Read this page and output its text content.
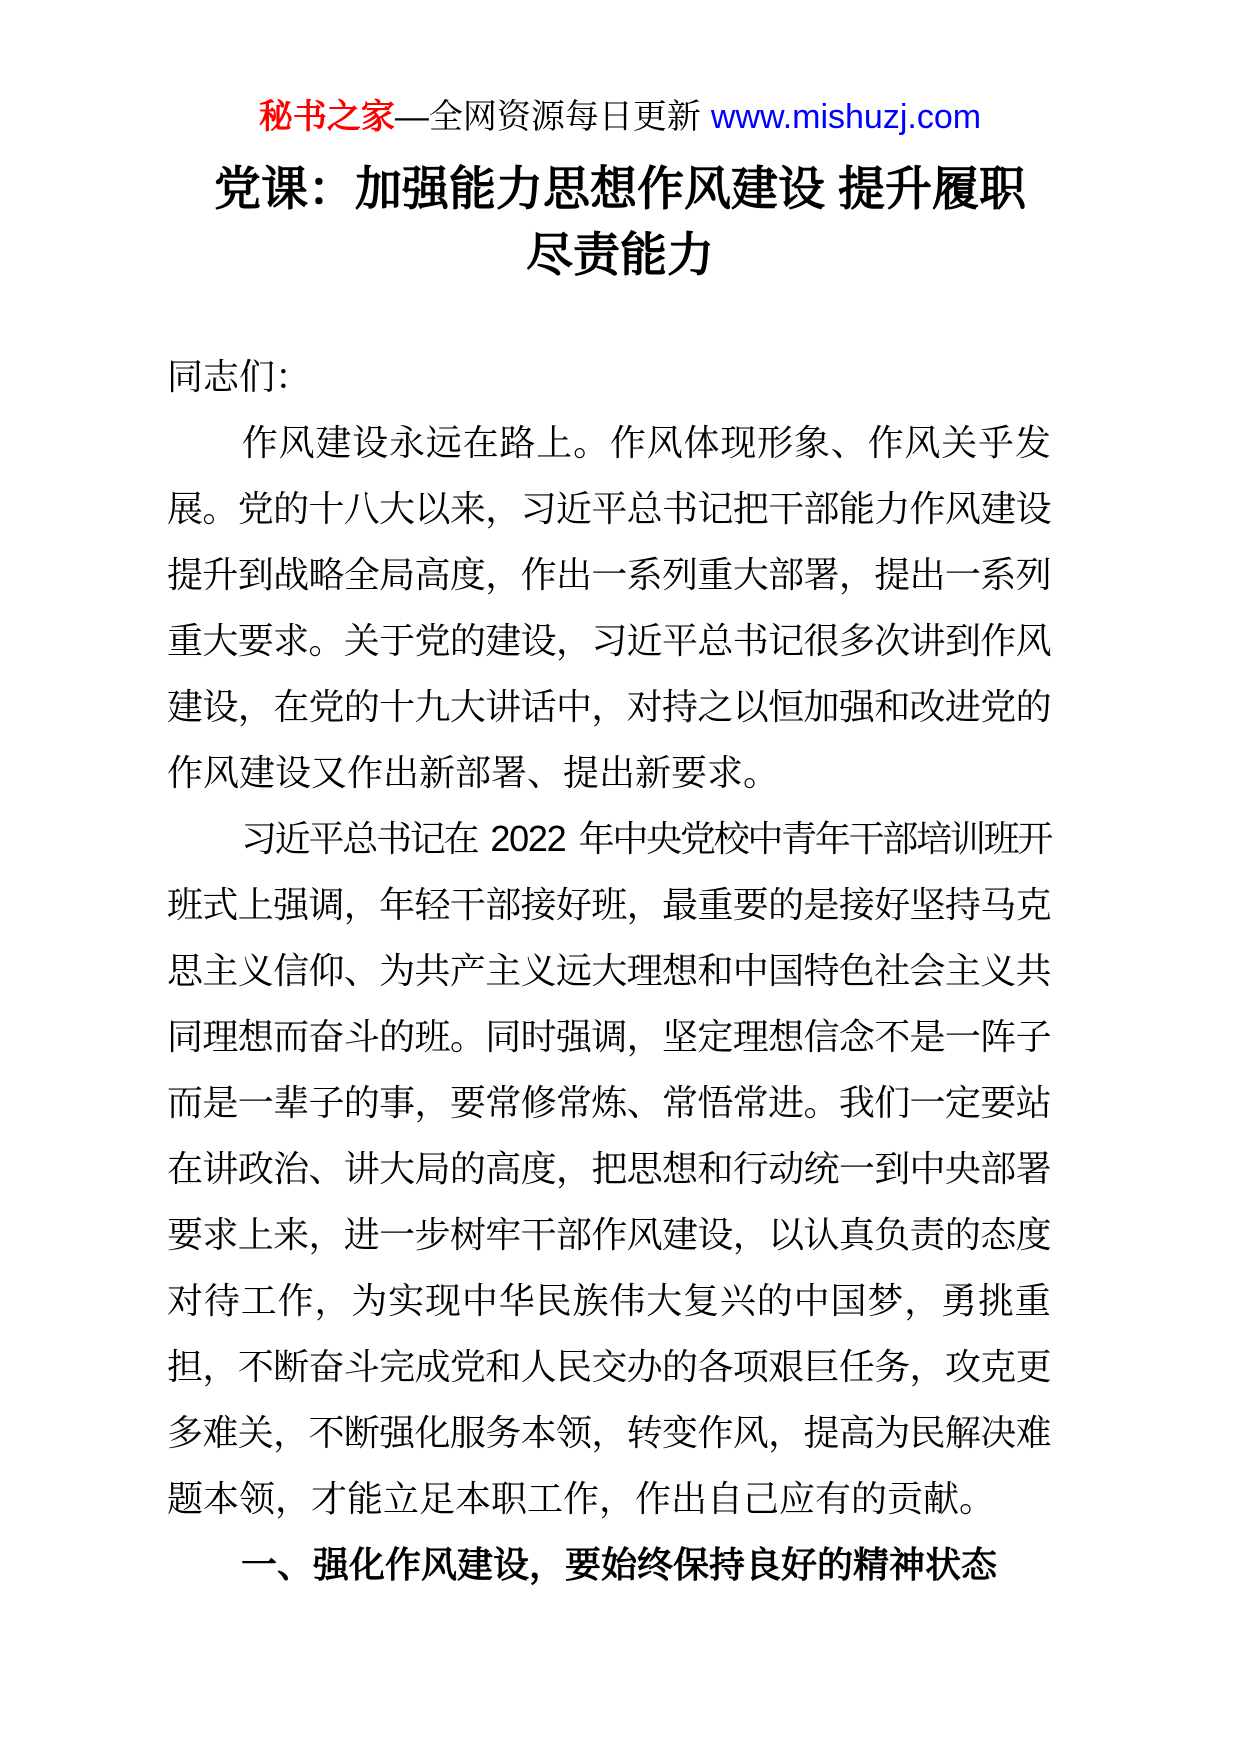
秘书之家—全网资源每日更新 www.mishuzj.com
党课：加强能力思想作风建设 提升履职
尽责能力
同志们：
作 风 建 设 永 远 在 路 上 。 作 风 体 现 形 象 、 作 风 关 乎 发
展 。 党 的 十 八 大 以 来 ， 习 近 平 总 书 记 把 干 部 能 力 作 风 建 设
提 升 到 战 略 全 局 高 度 ， 作 出 一 系 列 重 大 部 署 ， 提 出 一 系 列
重 大 要 求 。 关 于 党 的 建 设 ， 习 近 平 总 书 记 很 多 次 讲 到 作 风
建 设 ， 在 党 的 十 九 大 讲 话 中 ， 对 持 之 以 恒 加 强 和 改 进 党 的
作风建设又作出新部署、提出新要求。
习
近
平
总
书
记
在 2
0
2
2 年
中
央
党
校
中
青
年
干
部
培
训
班
开
班 式 上 强 调 ， 年 轻 干 部 接 好 班 ， 最 重 要 的 是 接 好 坚 持 马 克
思 主 义 信 仰 、 为 共 产 主 义 远 大 理 想 和 中 国 特 色 社 会 主 义 共
同 理 想 而 奋 斗 的 班 。 同 时 强 调 ， 坚 定 理 想 信 念 不 是 一 阵 子
而 是 一 辈 子 的 事 ， 要 常 修 常 炼 、 常 悟 常 进 。 我 们 一 定 要 站
在 讲 政 治 、 讲 大 局 的 高 度 ， 把 思 想 和 行 动 统 一 到 中 央 部 署
要 求 上 来 ， 进 一 步 树 牢 干 部 作 风 建 设 ， 以 认 真 负 责 的 态 度
对 待 工 作 ， 为 实 现 中 华 民 族 伟 大 复 兴 的 中 国 梦 ， 勇 挑 重
担 ， 不 断 奋 斗 完 成 党 和 人 民 交 办 的 各 项 艰 巨 任 务 ， 攻 克 更
多 难 关 ， 不 断 强 化 服 务 本 领 ， 转 变 作 风 ， 提 高 为 民 解 决 难
题本领，才能立足本职工作，作出自己应有的贡献。
一、强化作风建设，要始终保持良好的精神状态
